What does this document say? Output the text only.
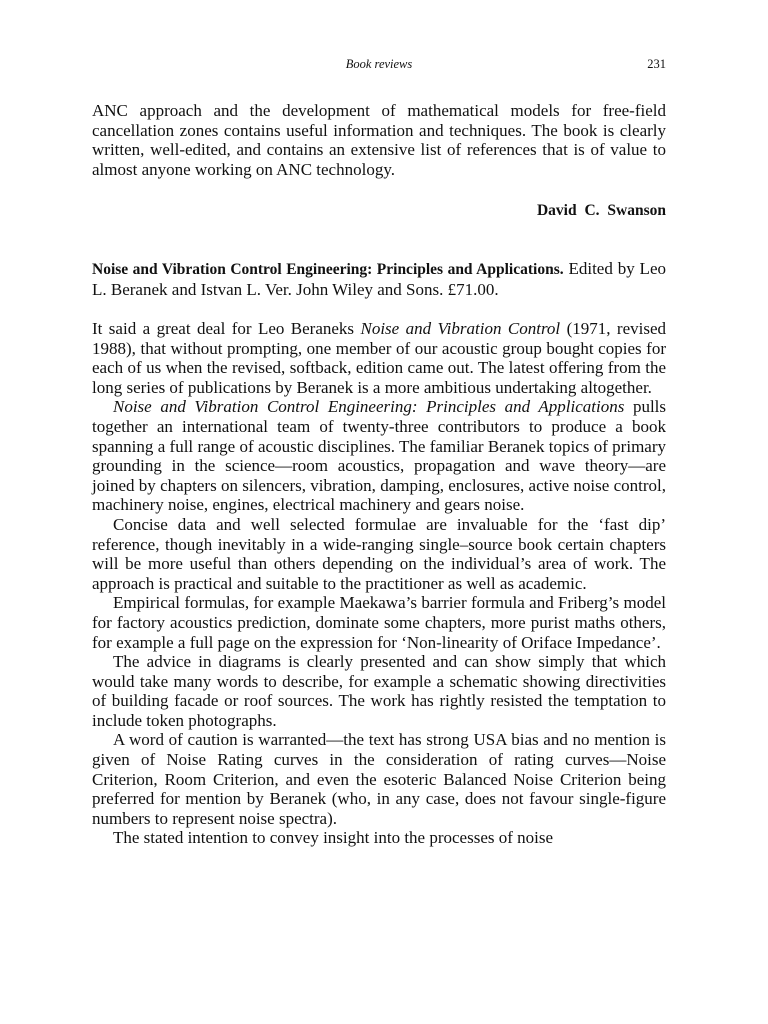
Book reviews	231

ANC approach and the development of mathematical models for free-field cancellation zones contains useful information and techniques. The book is clearly written, well-edited, and contains an extensive list of references that is of value to almost anyone working on ANC technology.

David C. Swanson

Noise and Vibration Control Engineering: Principles and Applications. Edited by Leo L. Beranek and Istvan L. Ver. John Wiley and Sons. £71.00.

It said a great deal for Leo Beraneks Noise and Vibration Control (1971, revised 1988), that without prompting, one member of our acoustic group bought copies for each of us when the revised, softback, edition came out. The latest offering from the long series of publications by Beranek is a more ambitious undertaking altogether.

Noise and Vibration Control Engineering: Principles and Applications pulls together an international team of twenty-three contributors to produce a book spanning a full range of acoustic disciplines. The familiar Beranek topics of primary grounding in the science—room acoustics, propagation and wave theory—are joined by chapters on silencers, vibration, damping, enclosures, active noise control, machinery noise, engines, electrical machinery and gears noise.

Concise data and well selected formulae are invaluable for the ‘fast dip’ reference, though inevitably in a wide-ranging single–source book certain chapters will be more useful than others depending on the individual’s area of work. The approach is practical and suitable to the practitioner as well as academic.

Empirical formulas, for example Maekawa’s barrier formula and Friberg’s model for factory acoustics prediction, dominate some chapters, more purist maths others, for example a full page on the expression for ‘Non-linearity of Oriface Impedance’.

The advice in diagrams is clearly presented and can show simply that which would take many words to describe, for example a schematic showing directivities of building facade or roof sources. The work has rightly resisted the temptation to include token photographs.

A word of caution is warranted—the text has strong USA bias and no mention is given of Noise Rating curves in the consideration of rating curves—Noise Criterion, Room Criterion, and even the esoteric Balanced Noise Criterion being preferred for mention by Beranek (who, in any case, does not favour single-figure numbers to represent noise spectra).

The stated intention to convey insight into the processes of noise
